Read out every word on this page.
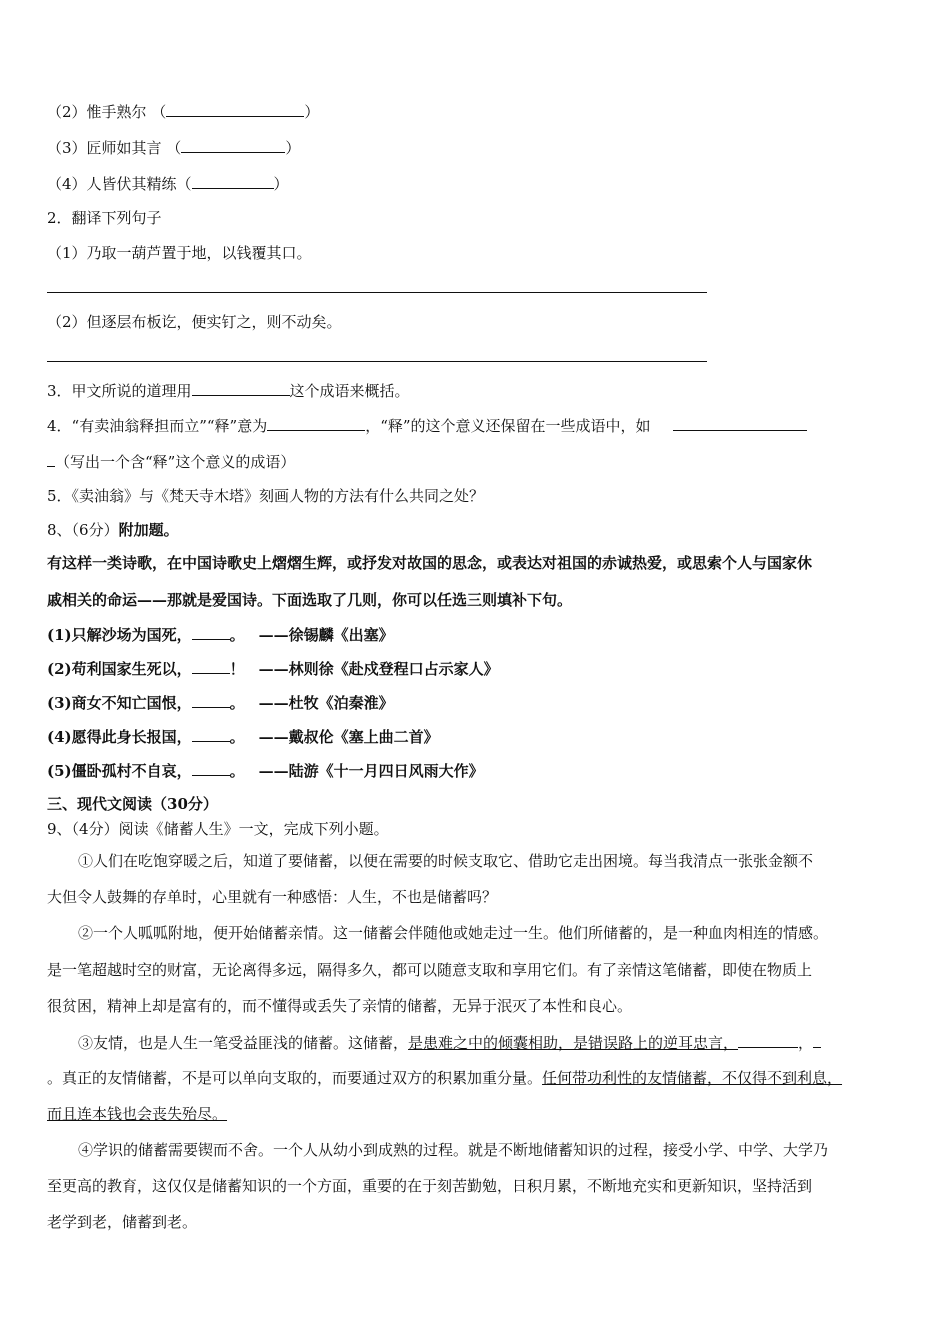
（2）惟手熟尔 （	）
（3）匠师如其言 （	）
（4）人皆伏其精练（	）
2．翻译下列句子
（1）乃取一葫芦置于地，以钱覆其口。
（2）但逐层布板讫，便实钉之，则不动矣。
3．甲文所说的道理用	这个成语来概括。
4．“有卖油翁释担而立”“释”意为	，“释”的这个意义还保留在一些成语中，如
（写出一个含“释”这个意义的成语）
5．《卖油翁》与《梵天寺木塔》刻画人物的方法有什么共同之处？
8、（6分）附加题。
有这样一类诗歌，在中国诗歌史上熠熠生辉，或抒发对故国的思念，或表达对祖国的赤诚热爱，或思索个人与国家休
戚相关的命运——那就是爱国诗。下面选取了几则，你可以任选三则填补下句。
(1)只解沙场为国死，	。 ——徐锡麟《出塞》
(2)苟利国家生死以，	！ ——林则徐《赴戍登程口占示家人》
(3)商女不知亡国恨，	。 ——杜牧《泊秦淮》
(4)愿得此身长报国，	。 ——戴叔伦《塞上曲二首》
(5)僵卧孤村不自哀，	。 ——陆游《十一月四日风雨大作》
三、现代文阅读（30分）
9、（4分）阅读《储蓄人生》一文，完成下列小题。
①人们在吃饱穿暖之后，知道了要储蓄，以便在需要的时候支取它、借助它走出困境。每当我清点一张张金额不
大但令人鼓舞的存单时，心里就有一种感悟：人生，不也是储蓄吗？
②一个人呱呱附地，便开始储蓄亲情。这一储蓄会伴随他或她走过一生。他们所储蓄的，是一种血肉相连的情感。
是一笔超越时空的财富，无论离得多远，隔得多久，都可以随意支取和享用它们。有了亲情这笔储蓄，即使在物质上
很贫困，精神上却是富有的，而不懂得或丢失了亲情的储蓄，无异于泯灭了本性和良心。
③友情，也是人生一笔受益匪浅的储蓄。这储蓄，是患难之中的倾囊相助，是错误路上的逆耳忠言，	，
。真正的友情储蓄，不是可以单向支取的，而要通过双方的积累加重分量。任何带功利性的友情储蓄，不仅得不到利息，
而且连本钱也会丧失殆尽。
④学识的储蓄需要锲而不舍。一个人从幼小到成熟的过程。就是不断地储蓄知识的过程，接受小学、中学、大学乃
至更高的教育，这仅仅是储蓄知识的一个方面，重要的在于刻苦勤勉，日积月累，不断地充实和更新知识，坚持活到
老学到老，储蓄到老。
